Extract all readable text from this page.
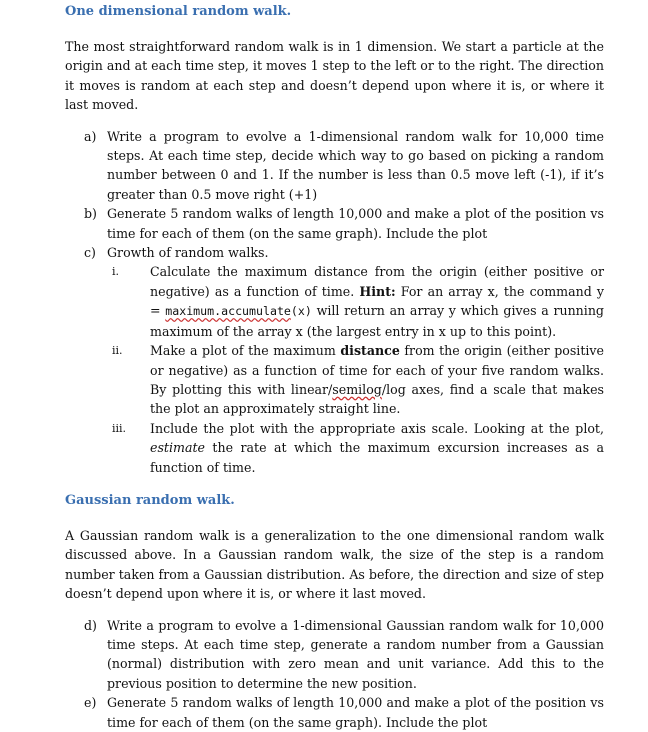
One dimensional random walk.

The most straightforward random walk is in 1 dimension. We start a particle at the origin and at each time step, it moves 1 step to the left or to the right. The direction it moves is random at each step and doesn’t depend upon where it is, or where it last moved.

a) Write a program to evolve a 1-dimensional random walk for 10,000 time steps. At each time step, decide which way to go based on picking a random number between 0 and 1. If the number is less than 0.5 move left (-1), if it’s greater than 0.5 move right (+1)
b) Generate 5 random walks of length 10,000 and make a plot of the position vs time for each of them (on the same graph). Include the plot
c) Growth of random walks.
i. Calculate the maximum distance from the origin (either positive or negative) as a function of time. Hint: For an array x, the command y = maximum.accumulate(x) will return an array y which gives a running maximum of the array x (the largest entry in x up to this point).
ii. Make a plot of the maximum distance from the origin (either positive or negative) as a function of time for each of your five random walks. By plotting this with linear/semilog/log axes, find a scale that makes the plot an approximately straight line.
iii. Include the plot with the appropriate axis scale. Looking at the plot, estimate the rate at which the maximum excursion increases as a function of time.
Gaussian random walk.

A Gaussian random walk is a generalization to the one dimensional random walk discussed above. In a Gaussian random walk, the size of the step is a random number taken from a Gaussian distribution. As before, the direction and size of step doesn’t depend upon where it is, or where it last moved.

d) Write a program to evolve a 1-dimensional Gaussian random walk for 10,000 time steps. At each time step, generate a random number from a Gaussian (normal) distribution with zero mean and unit variance. Add this to the previous position to determine the new position.
e) Generate 5 random walks of length 10,000 and make a plot of the position vs time for each of them (on the same graph). Include the plot
